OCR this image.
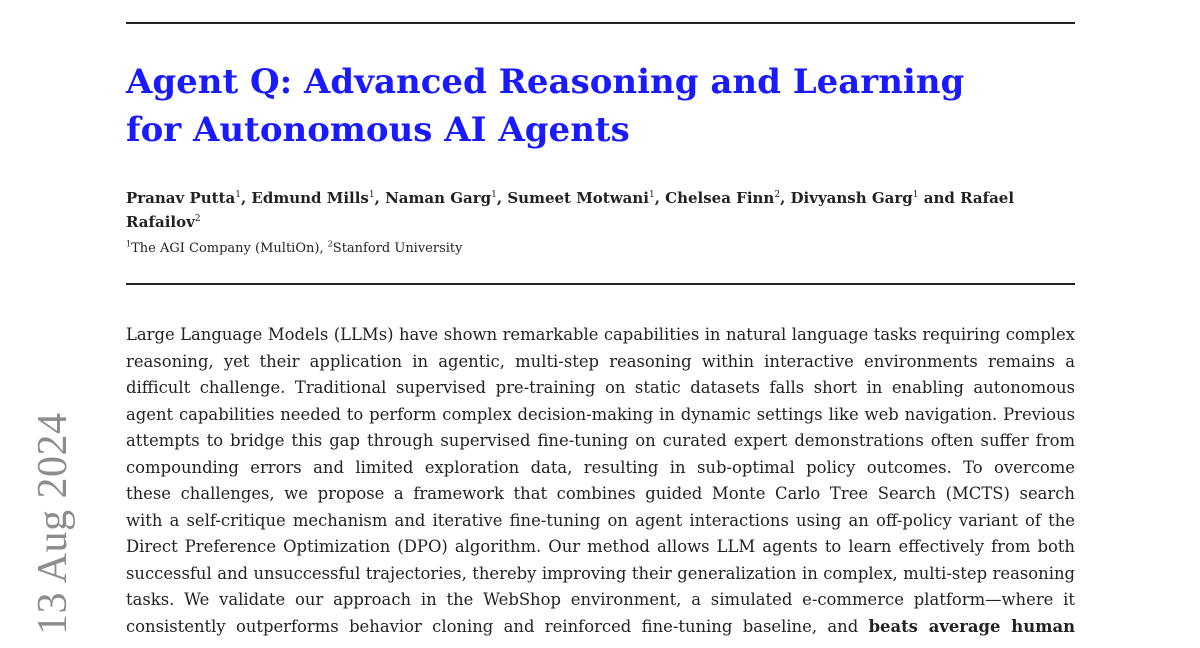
13 Aug 2024
Agent Q: Advanced Reasoning and Learning
for Autonomous AI Agents
Pranav Putta$^1$, Edmund Mills$^1$, Naman Garg$^1$, Sumeet Motwani$^1$, Chelsea Finn$^2$, Divyansh Garg$^1$ and Rafael Rafailov$^2$
$^1$The AGI Company (MultiOn), $^2$Stanford University

Large Language Models (LLMs) have shown remarkable capabilities in natural language tasks requiring complex
reasoning, yet their application in agentic, multi-step reasoning within interactive environments remains a
difficult challenge. Traditional supervised pre-training on static datasets falls short in enabling autonomous
agent capabilities needed to perform complex decision-making in dynamic settings like web navigation. Previous
attempts to bridge this gap through supervised fine-tuning on curated expert demonstrations often suffer from
compounding errors and limited exploration data, resulting in sub-optimal policy outcomes. To overcome
these challenges, we propose a framework that combines guided Monte Carlo Tree Search (MCTS) search
with a self-critique mechanism and iterative fine-tuning on agent interactions using an off-policy variant of the
Direct Preference Optimization (DPO) algorithm. Our method allows LLM agents to learn effectively from both
successful and unsuccessful trajectories, thereby improving their generalization in complex, multi-step reasoning
tasks. We validate our approach in the WebShop environment, a simulated e-commerce platform—where it
consistently outperforms behavior cloning and reinforced fine-tuning baseline, and beats average human
